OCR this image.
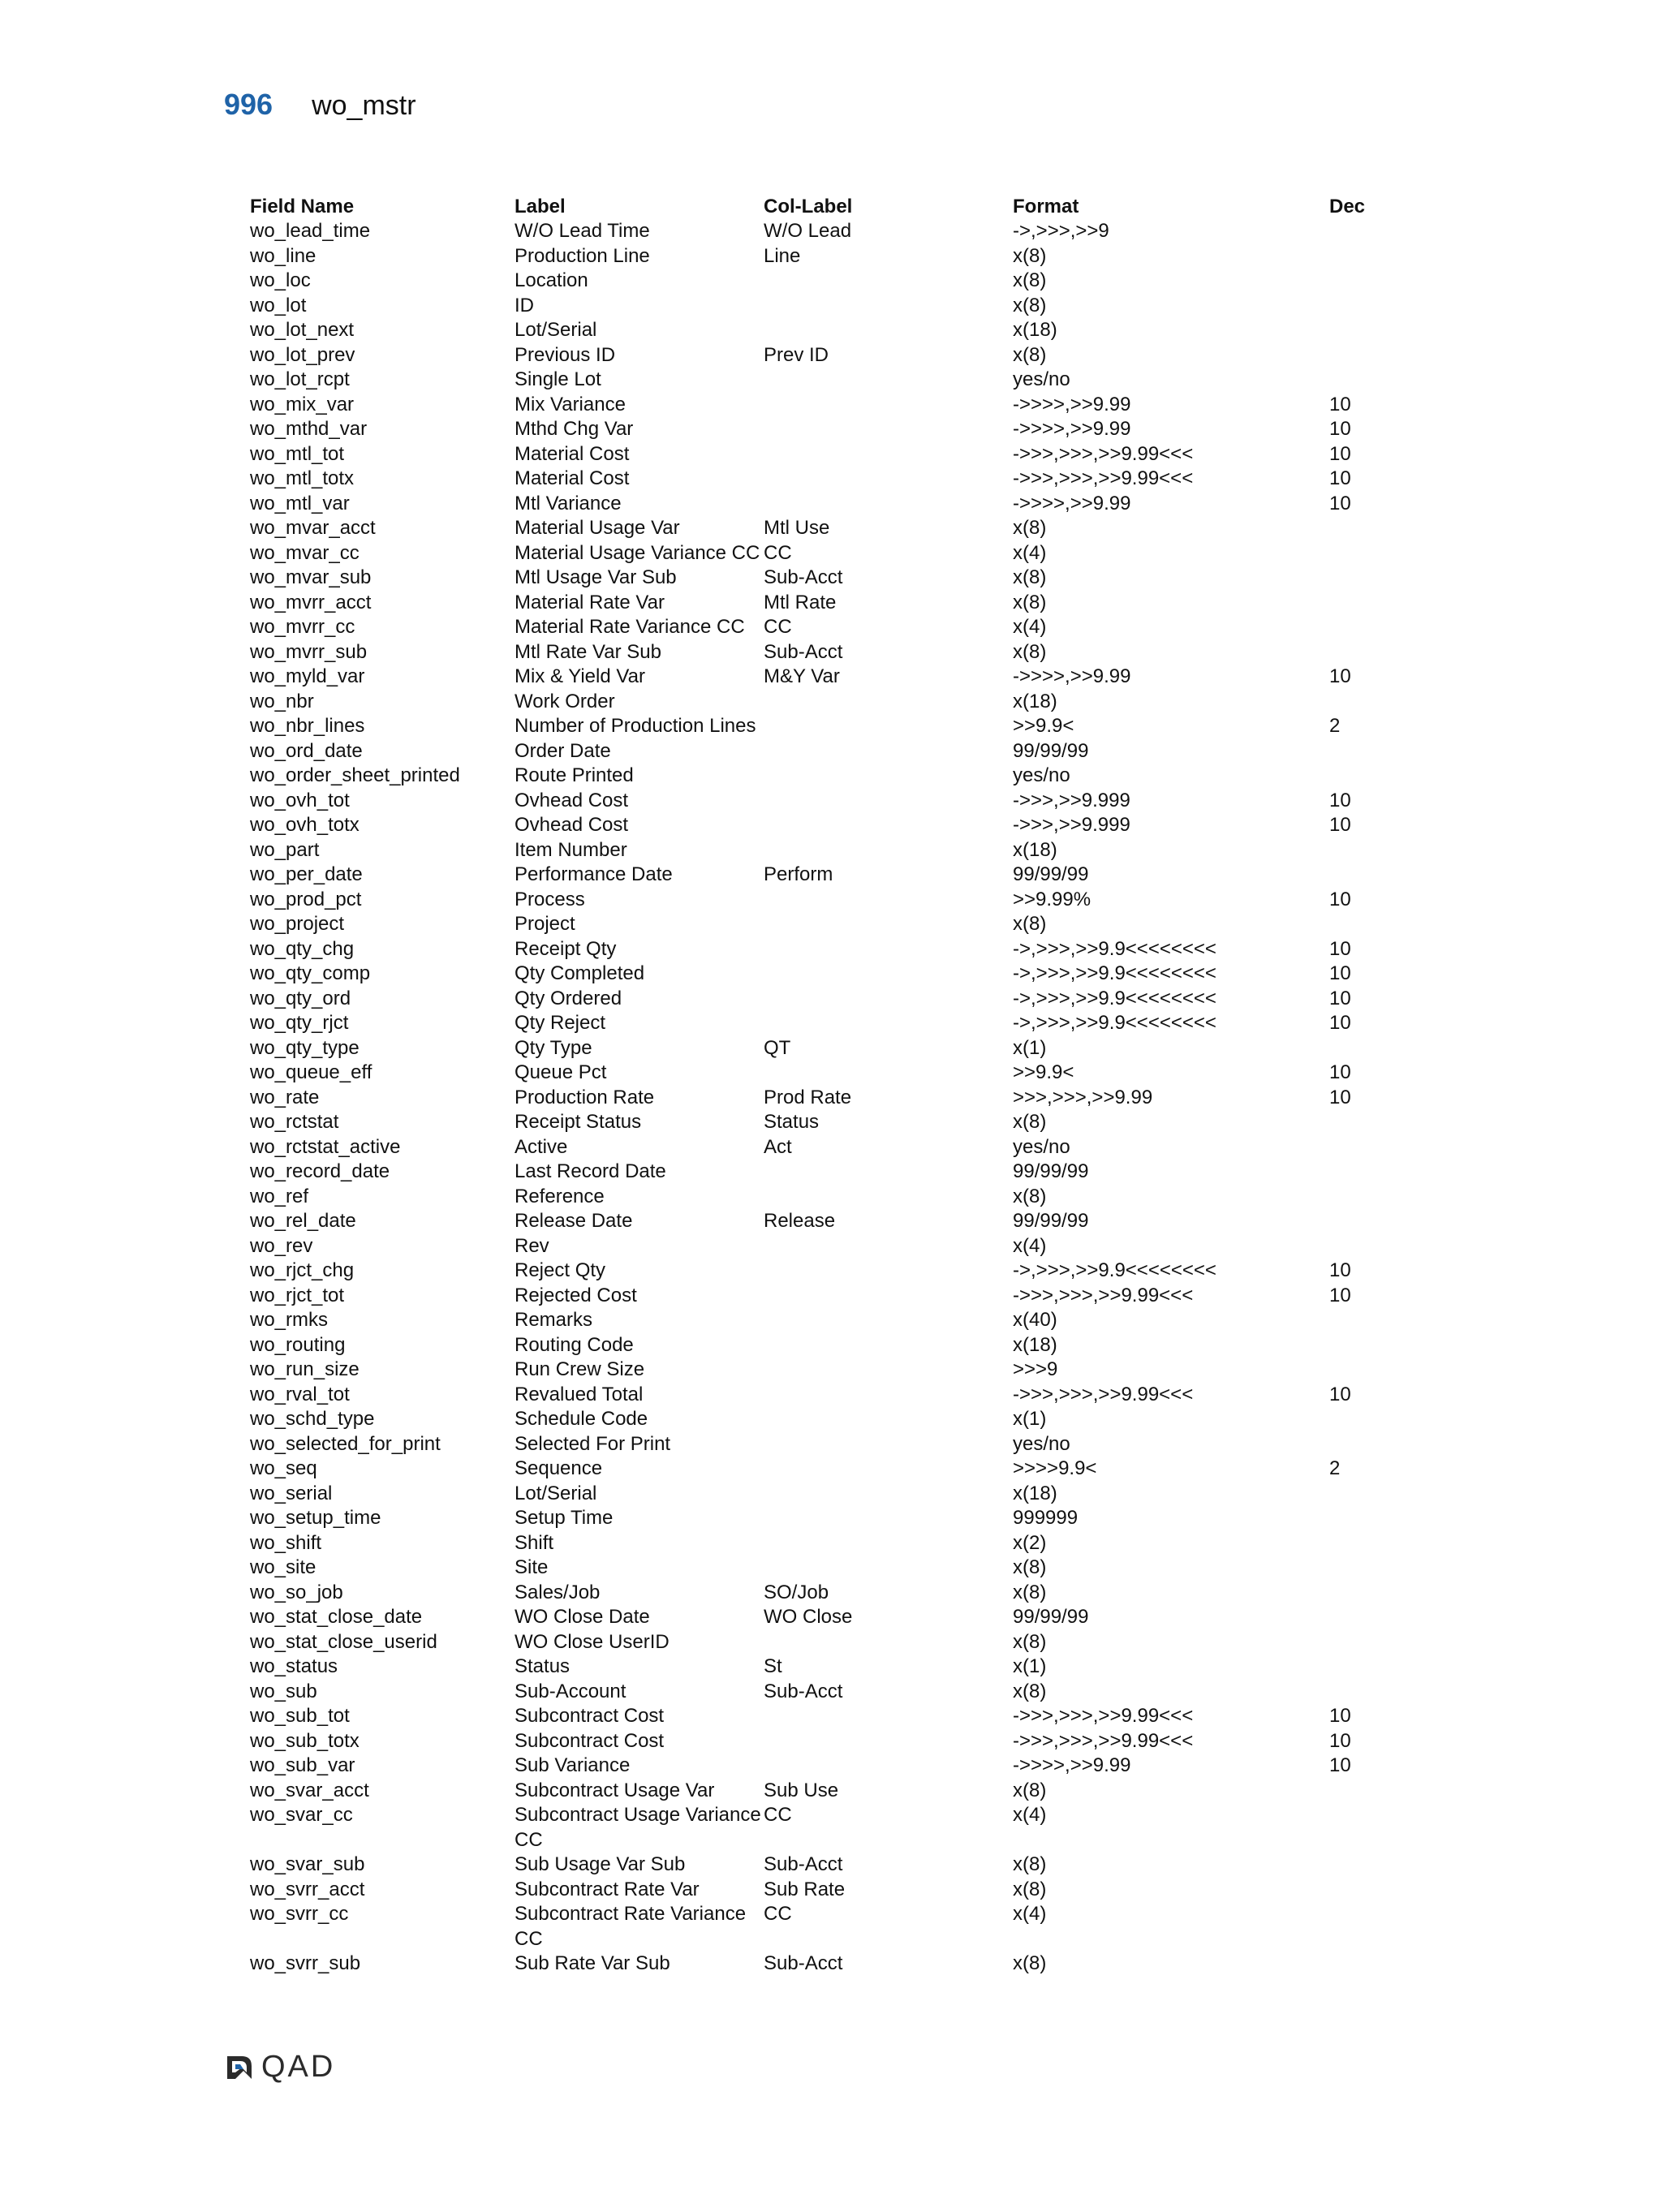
996 wo_mstr
Field Name	Label	Col-Label	Format	Dec
wo_lead_time	W/O Lead Time	W/O Lead	->,>>>,>>9	
wo_line	Production Line	Line	x(8)	
wo_loc	Location		x(8)	
wo_lot	ID		x(8)	
wo_lot_next	Lot/Serial		x(18)	
wo_lot_prev	Previous ID	Prev ID	x(8)	
wo_lot_rcpt	Single Lot		yes/no	
wo_mix_var	Mix Variance		->>>>,>>9.99	10
wo_mthd_var	Mthd Chg Var		->>>>,>>9.99	10
wo_mtl_tot	Material Cost		->>>,>>>,>>9.99<<<	10
wo_mtl_totx	Material Cost		->>>,>>>,>>9.99<<<	10
wo_mtl_var	Mtl Variance		->>>>,>>9.99	10
wo_mvar_acct	Material Usage Var	Mtl Use	x(8)	
wo_mvar_cc	Material Usage Variance CC	CC	x(4)	
wo_mvar_sub	Mtl Usage Var Sub	Sub-Acct	x(8)	
wo_mvrr_acct	Material Rate Var	Mtl Rate	x(8)	
wo_mvrr_cc	Material Rate Variance CC	CC	x(4)	
wo_mvrr_sub	Mtl Rate Var Sub	Sub-Acct	x(8)	
wo_myld_var	Mix & Yield Var	M&Y Var	->>>>,>>9.99	10
wo_nbr	Work Order		x(18)	
wo_nbr_lines	Number of Production Lines		>>9.9<	2
wo_ord_date	Order Date		99/99/99	
wo_order_sheet_printed	Route Printed		yes/no	
wo_ovh_tot	Ovhead Cost		->>>,>>9.999	10
wo_ovh_totx	Ovhead Cost		->>>,>>9.999	10
wo_part	Item Number		x(18)	
wo_per_date	Performance Date	Perform	99/99/99	
wo_prod_pct	Process		>>9.99%	10
wo_project	Project		x(8)	
wo_qty_chg	Receipt Qty		->,>>>,>>9.9<<<<<<<<	10
wo_qty_comp	Qty Completed		->,>>>,>>9.9<<<<<<<<	10
wo_qty_ord	Qty Ordered		->,>>>,>>9.9<<<<<<<<	10
wo_qty_rjct	Qty Reject		->,>>>,>>9.9<<<<<<<<	10
wo_qty_type	Qty Type	QT	x(1)	
wo_queue_eff	Queue Pct		>>9.9<	10
wo_rate	Production Rate	Prod Rate	>>>,>>>,>>9.99	10
wo_rctstat	Receipt Status	Status	x(8)	
wo_rctstat_active	Active	Act	yes/no	
wo_record_date	Last Record Date		99/99/99	
wo_ref	Reference		x(8)	
wo_rel_date	Release Date	Release	99/99/99	
wo_rev	Rev		x(4)	
wo_rjct_chg	Reject Qty		->,>>>,>>9.9<<<<<<<<	10
wo_rjct_tot	Rejected Cost		->>>,>>>,>>9.99<<<	10
wo_rmks	Remarks		x(40)	
wo_routing	Routing Code		x(18)	
wo_run_size	Run Crew Size		>>>9	
wo_rval_tot	Revalued Total		->>>,>>>,>>9.99<<<	10
wo_schd_type	Schedule Code		x(1)	
wo_selected_for_print	Selected For Print		yes/no	
wo_seq	Sequence		>>>>9.9<	2
wo_serial	Lot/Serial		x(18)	
wo_setup_time	Setup Time		999999	
wo_shift	Shift		x(2)	
wo_site	Site		x(8)	
wo_so_job	Sales/Job	SO/Job	x(8)	
wo_stat_close_date	WO Close Date	WO Close	99/99/99	
wo_stat_close_userid	WO Close UserID		x(8)	
wo_status	Status	St	x(1)	
wo_sub	Sub-Account	Sub-Acct	x(8)	
wo_sub_tot	Subcontract Cost		->>>,>>>,>>9.99<<<	10
wo_sub_totx	Subcontract Cost		->>>,>>>,>>9.99<<<	10
wo_sub_var	Sub Variance		->>>>,>>9.99	10
wo_svar_acct	Subcontract Usage Var	Sub Use	x(8)	
wo_svar_cc	Subcontract Usage Variance CC	CC	x(4)	
wo_svar_sub	Sub Usage Var Sub	Sub-Acct	x(8)	
wo_svrr_acct	Subcontract Rate Var	Sub Rate	x(8)	
wo_svrr_cc	Subcontract Rate Variance CC	CC	x(4)	
wo_svrr_sub	Sub Rate Var Sub	Sub-Acct	x(8)	
QAD
